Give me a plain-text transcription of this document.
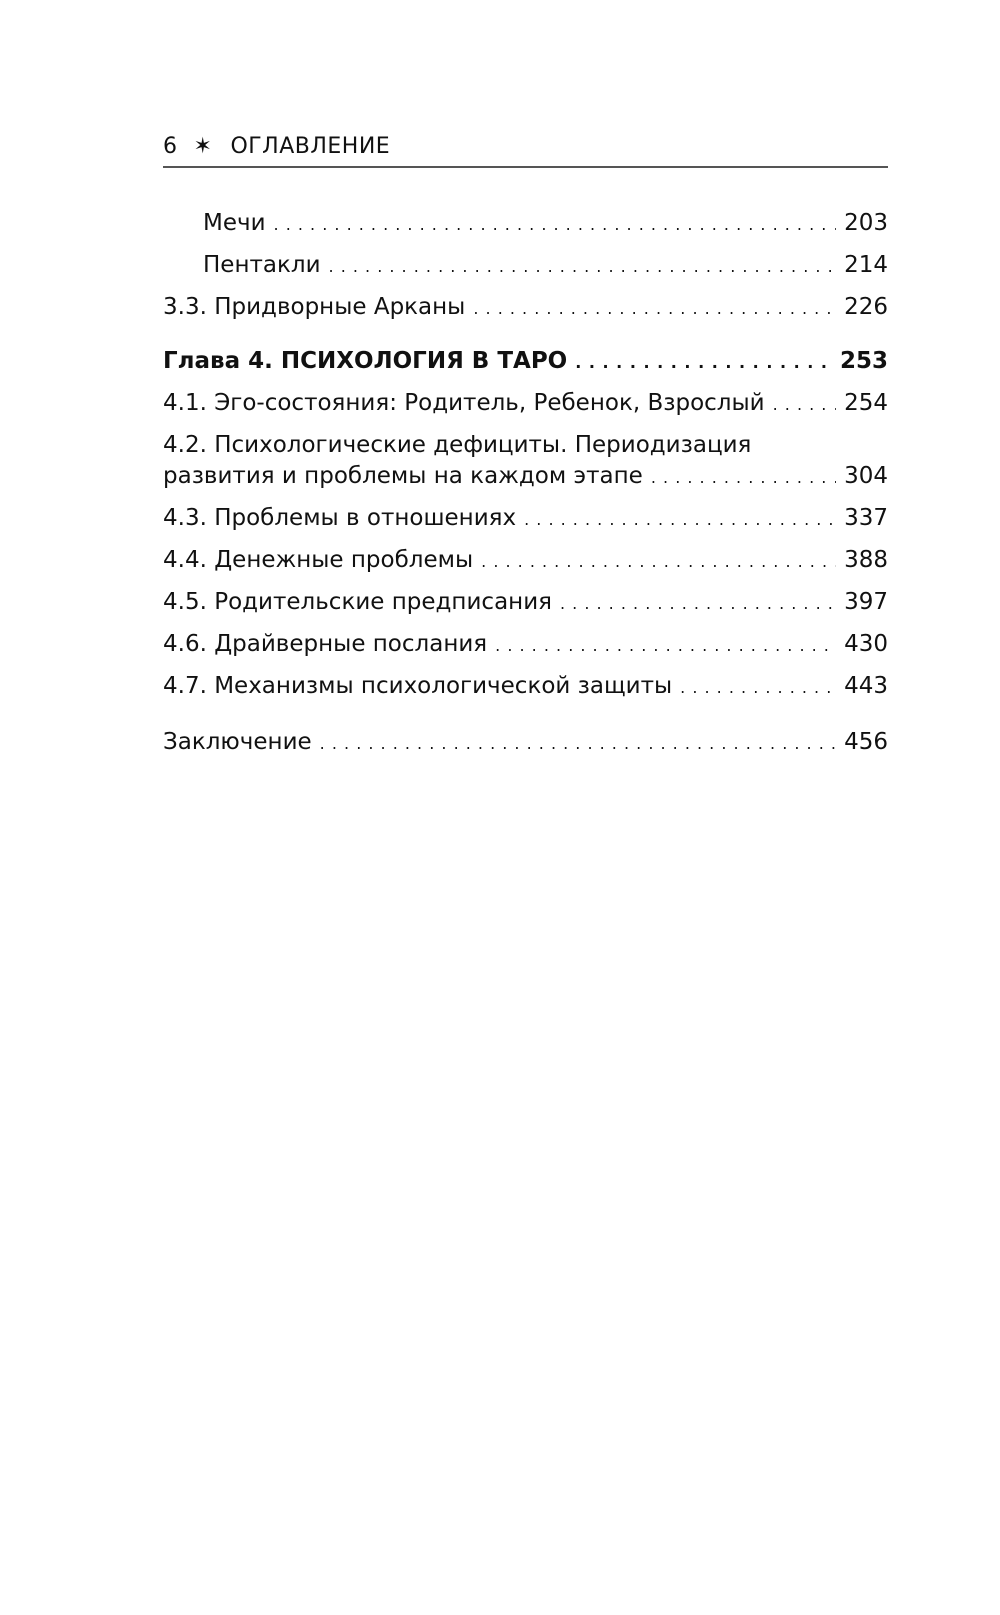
6 ✶ ОГЛАВЛЕНИЕ
Мечи . . .	203
Пентакли . . .	214
3.3. Придворные Арканы . . .	226
Глава 4. ПСИХОЛОГИЯ В ТАРО . . .	253
4.1. Эго-состояния: Родитель, Ребенок, Взрослый . . .	254
4.2. Психологические дефициты. Периодизация
развития и проблемы на каждом этапе . . .	304
4.3. Проблемы в отношениях . . .	337
4.4. Денежные проблемы . . .	388
4.5. Родительские предписания . . .	397
4.6. Драйверные послания . . .	430
4.7. Механизмы психологической защиты . . .	443
Заключение . . .	456
